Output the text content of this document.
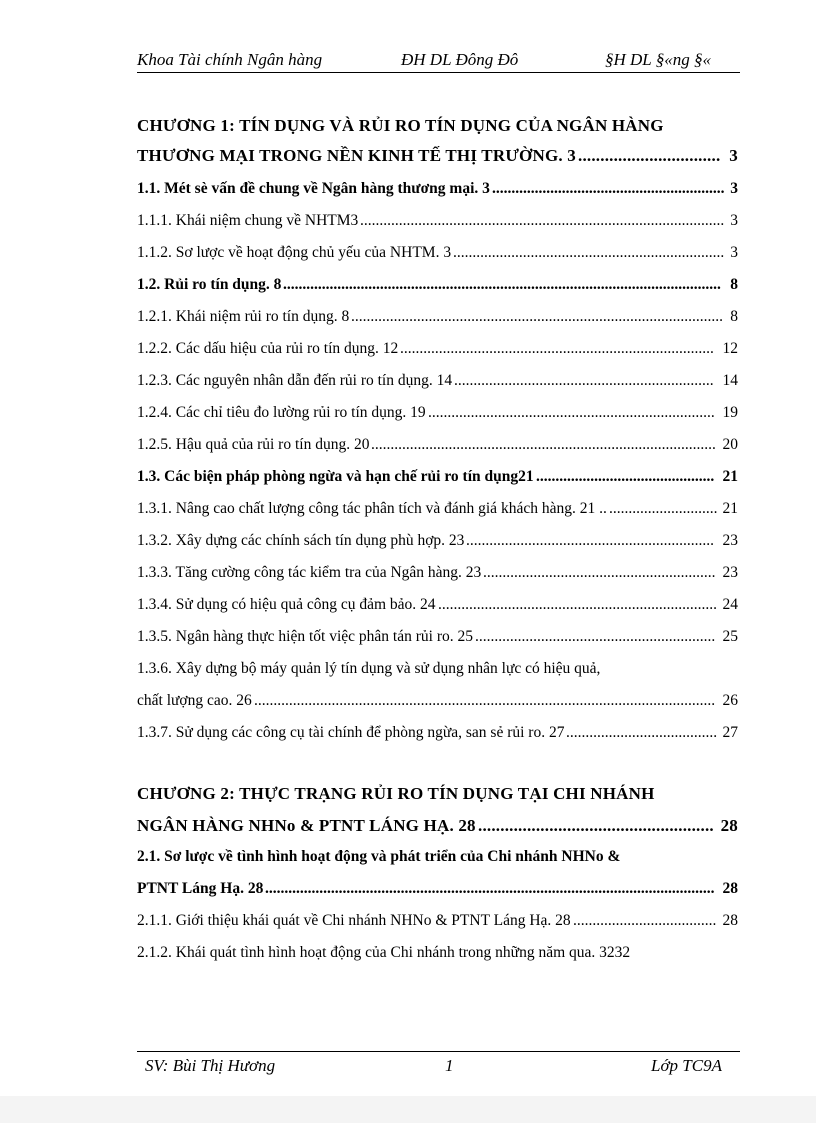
Khoa Tài chính Ngân hàng	ĐH DL Đông Đô	§H DL §«ng §«
CHƯƠNG 1: TÍN DỤNG VÀ RỦI RO TÍN DỤNG CỦA NGÂN HÀNG
THƯƠNG MẠI TRONG NỀN KINH TẾ THỊ TRƯỜNG. 3 ................................ 3
1.1. Mét sè vấn đề chung về Ngân hàng thương mại. 3 ............................................................ 3
1.1.1. Khái niệm chung về NHTM3 .............................................................................................. 3
1.1.2. Sơ lược về hoạt động chủ yếu của NHTM. 3 ...................................................................... 3
1.2. Rủi ro tín dụng. 8 ................................................................................................................. 8
1.2.1. Khái niệm rủi ro tín dụng. 8 ................................................................................................ 8
1.2.2. Các dấu hiệu của rủi ro tín dụng. 12 ................................................................................. 12
1.2.3. Các nguyên nhân dẫn đến rủi ro tín dụng. 14 ................................................................... 14
1.2.4. Các chỉ tiêu đo lường rủi ro tín dụng. 19 .......................................................................... 19
1.2.5. Hậu quả của rủi ro tín dụng. 20 ......................................................................................... 20
1.3. Các biện pháp phòng ngừa và hạn chế rủi ro tín dụng21 .............................................. 21
1.3.1. Nâng cao chất lượng công tác phân tích và đánh giá khách hàng. 21 .. ............................ 21
1.3.2. Xây dựng các chính sách tín dụng phù hợp. 23 ................................................................ 23
1.3.3. Tăng cường công tác kiểm tra của Ngân hàng. 23 ............................................................ 23
1.3.4. Sử dụng có hiệu quả công cụ đảm bảo. 24 ........................................................................ 24
1.3.5. Ngân hàng thực hiện tốt việc phân tán rủi ro. 25 .............................................................. 25
1.3.6. Xây dựng bộ máy quản lý tín dụng và sử dụng nhân lực có hiệu quả,
chất lượng cao. 26 ....................................................................................................................... 26
1.3.7. Sử dụng các công cụ tài chính để phòng ngừa, san sẻ rủi ro. 27 ....................................... 27
CHƯƠNG 2: THỰC TRẠNG RỦI RO TÍN DỤNG TẠI CHI NHÁNH
NGÂN HÀNG NHNo & PTNT LÁNG HẠ. 28 ..................................................... 28
2.1. Sơ lược về tình hình hoạt động và phát triển của Chi nhánh NHNo &
PTNT Láng Hạ. 28 .................................................................................................................... 28
2.1.1. Giới thiệu khái quát về Chi nhánh NHNo & PTNT Láng Hạ. 28 ..................................... 28
2.1.2. Khái quát tình hình hoạt động của Chi nhánh trong những năm qua. 3232
SV: Bùi Thị Hương	1	Lớp TC9A
